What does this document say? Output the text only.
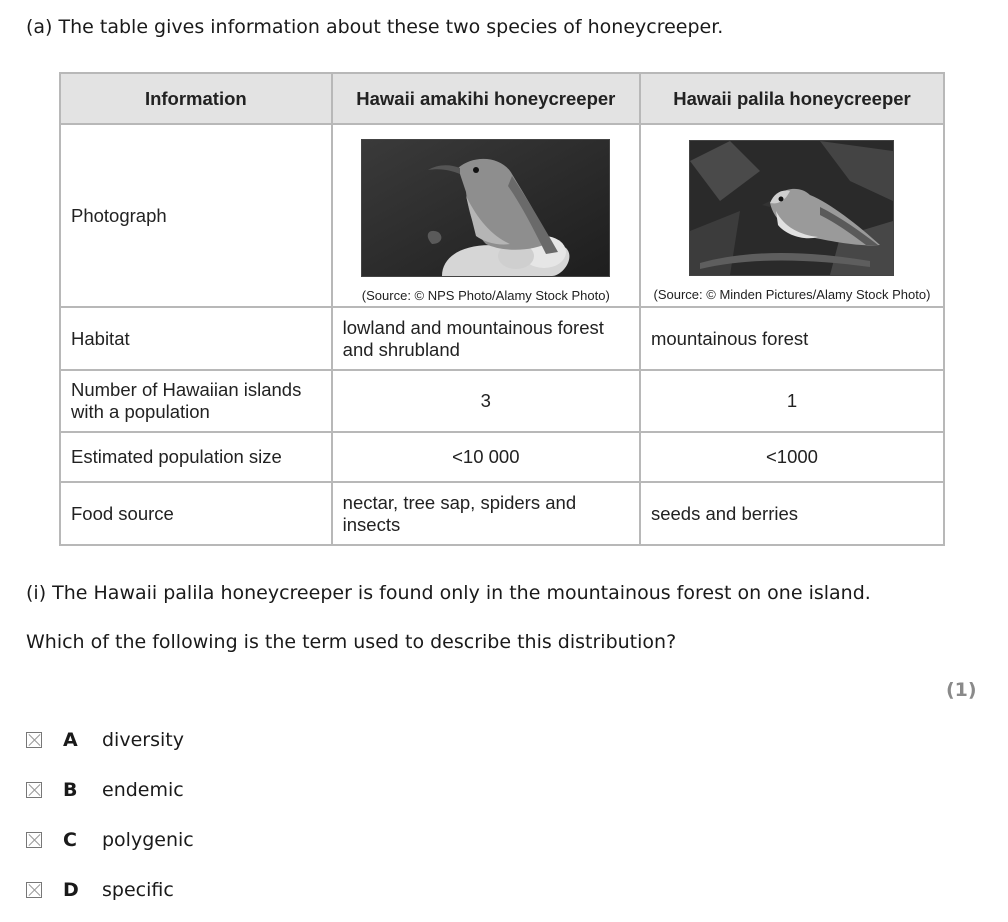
(a) The table gives information about these two species of honeycreeper.

Information	Hawaii amakihi honeycreeper	Hawaii palila honeycreeper
Photograph	(Source: © NPS Photo/Alamy Stock Photo)	(Source: © Minden Pictures/Alamy Stock Photo)

Habitat	lowland and mountainous forest and shrubland	mountainous forest
Number of Hawaiian islands with a population	3	1
Estimated population size	<10 000	<1000
Food source	nectar, tree sap, spiders and insects	seeds and berries

(i) The Hawaii palila honeycreeper is found only in the mountainous forest on one island.

Which of the following is the term used to describe this distribution?

(1)
A	diversity
B	endemic
C	polygenic
D	specific
